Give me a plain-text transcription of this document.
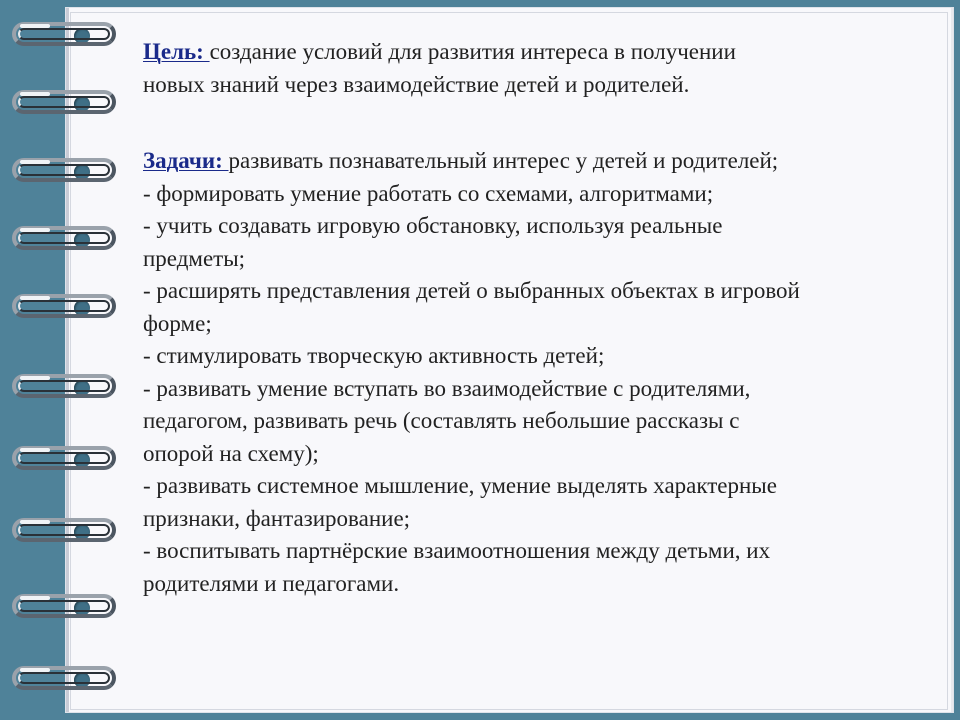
Цель: создание условий для развития интереса в получении
новых знаний через взаимодействие детей и родителей.

Задачи: развивать познавательный интерес у детей и родителей;
- формировать умение работать со схемами, алгоритмами;
- учить создавать игровую обстановку, используя реальные
предметы;
- расширять представления детей о выбранных объектах в игровой
форме;
- стимулировать творческую активность детей;
- развивать умение вступать во взаимодействие с родителями,
педагогом, развивать речь (составлять небольшие рассказы с
опорой на схему);
- развивать системное мышление, умение выделять характерные
признаки, фантазирование;
- воспитывать партнёрские взаимоотношения между детьми, их
родителями и педагогами.
